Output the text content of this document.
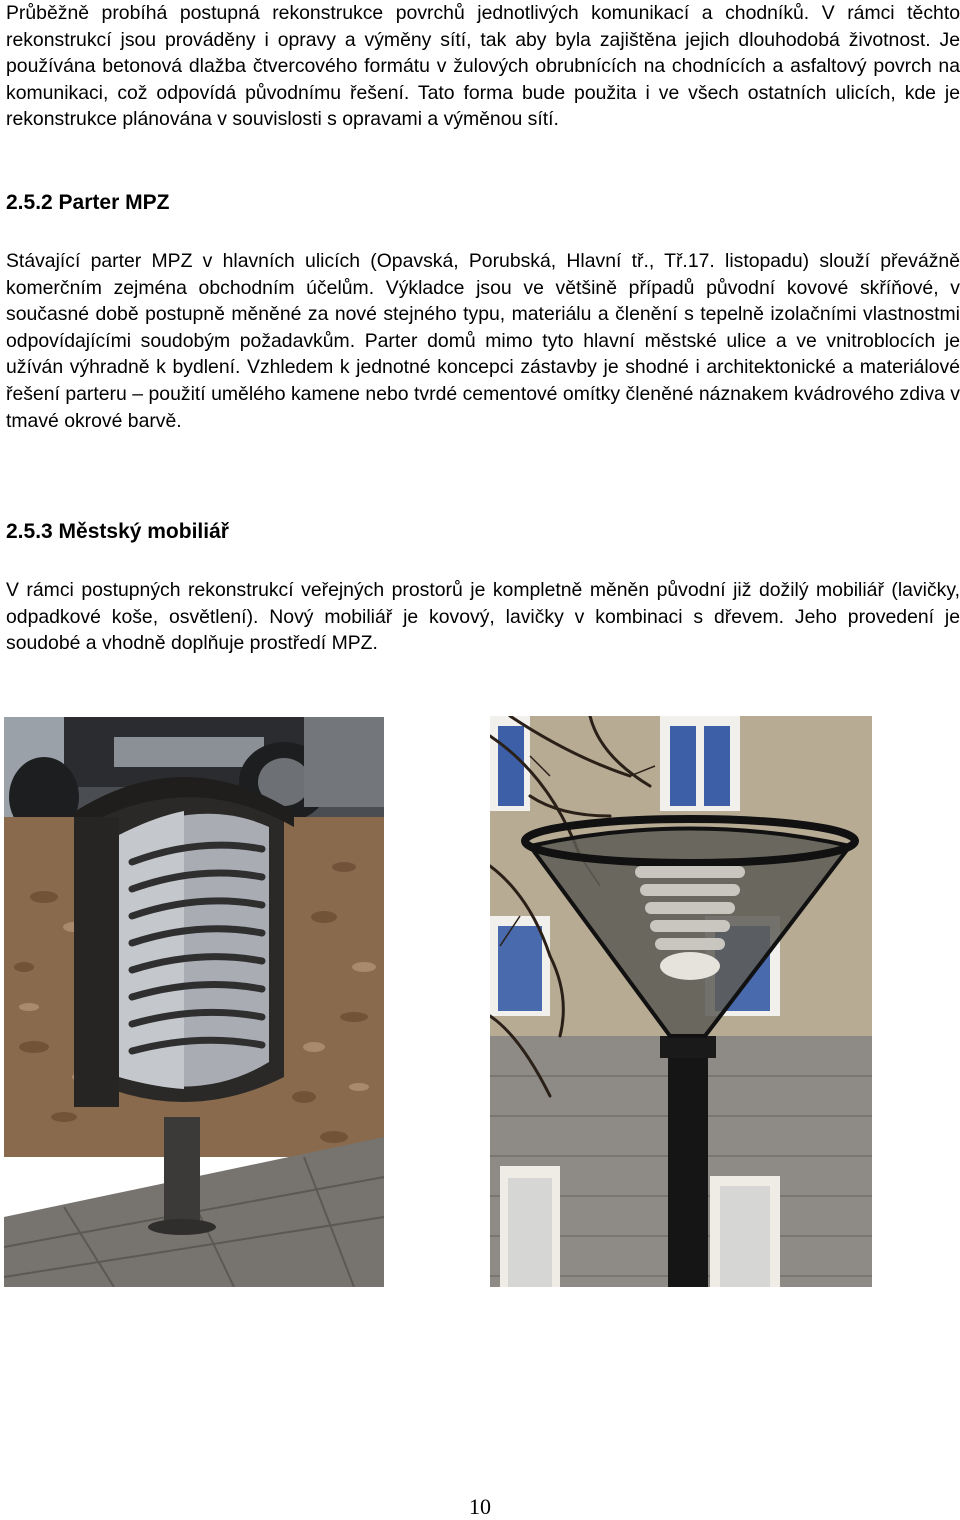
Průběžně probíhá postupná rekonstrukce povrchů jednotlivých komunikací a chodníků. V rámci těchto rekonstrukcí jsou prováděny i opravy a výměny sítí, tak aby byla zajištěna jejich dlouhodobá životnost. Je používána betonová dlažba čtvercového formátu v žulových obrubnících na chodnících a asfaltový povrch na komunikaci, což odpovídá původnímu řešení. Tato forma bude použita i ve všech ostatních ulicích, kde je rekonstrukce plánována v souvislosti s opravami a výměnou sítí.

2.5.2 Parter MPZ

Stávající parter MPZ v hlavních ulicích (Opavská, Porubská, Hlavní tř., Tř.17. listopadu) slouží převážně komerčním zejména obchodním účelům. Výkladce jsou ve většině případů původní kovové skříňové, v současné době postupně měněné za nové stejného typu, materiálu a členění s tepelně izolačními vlastnostmi odpovídajícími soudobým požadavkům. Parter domů mimo tyto hlavní městské ulice a ve vnitroblocích je užíván výhradně k bydlení. Vzhledem k jednotné koncepci zástavby je shodné i architektonické a materiálové řešení parteru – použití umělého kamene nebo tvrdé cementové omítky členěné náznakem kvádrového zdiva v tmavé okrové barvě.

2.5.3 Městský mobiliář

V rámci postupných rekonstrukcí veřejných prostorů je kompletně měněn původní již dožilý mobiliář (lavičky, odpadkové koše, osvětlení). Nový mobiliář je kovový, lavičky v kombinaci s dřevem. Jeho provedení je soudobé a vhodně doplňuje prostředí MPZ.

10
